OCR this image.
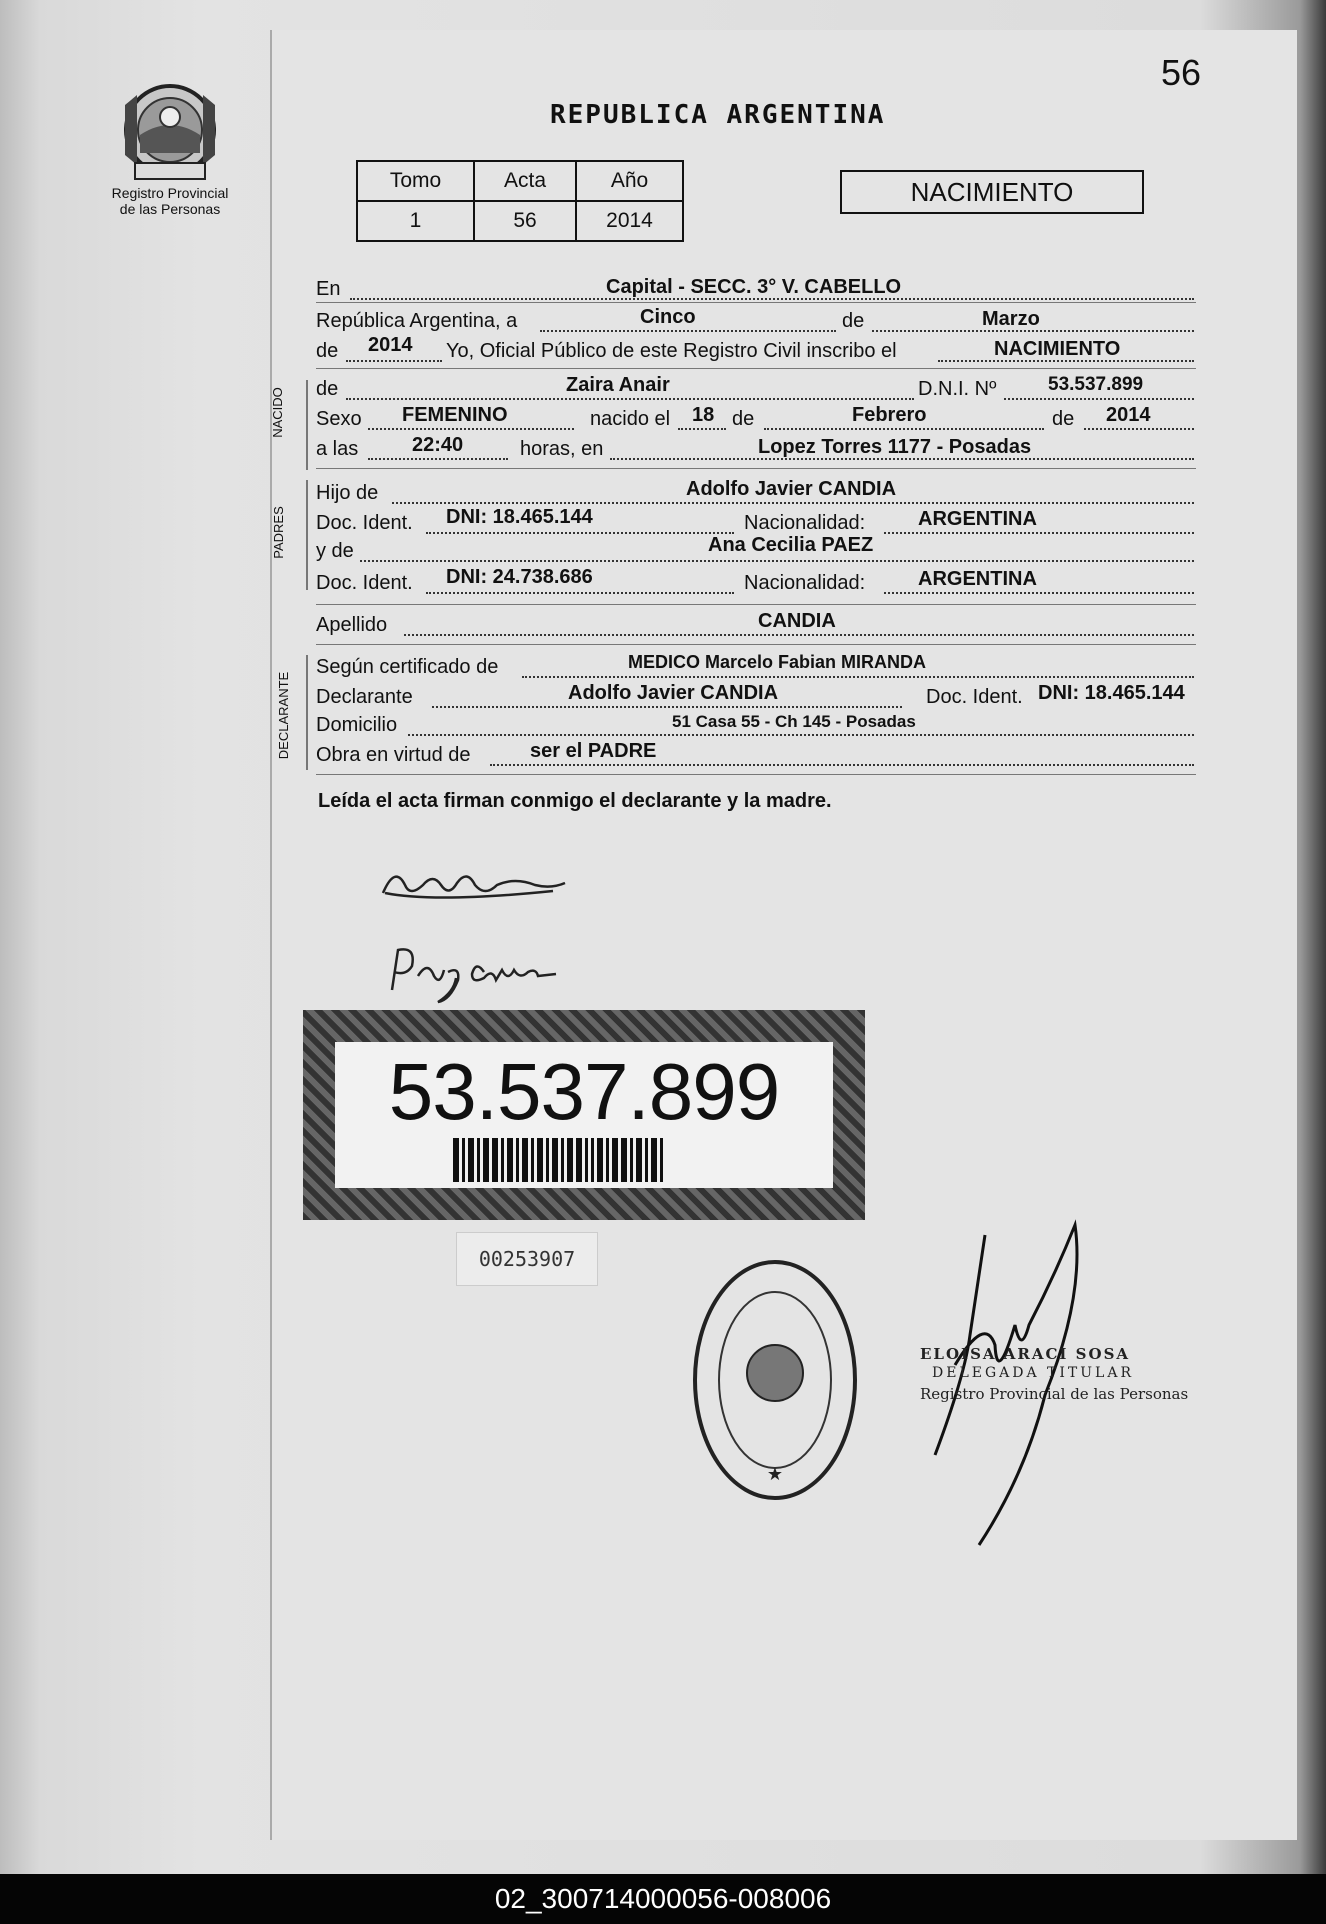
56
Registro Provincial
de las Personas
REPUBLICA ARGENTINA
Tomo	Acta	Año
1	56	2014
NACIMIENTO
NACIDO
PADRES
DECLARANTE
En	Capital - SECC. 3° V. CABELLO
República Argentina, a	Cinco	de	Marzo
de 2014 Yo, Oficial Público de este Registro Civil inscribo el	NACIMIENTO
de	Zaira Anair	D.N.I. Nº	53.537.899
Sexo FEMENINO	nacido el 18 de	Febrero	de 2014
a las	22:40	horas, en	Lopez Torres 1177 - Posadas
Hijo de	Adolfo Javier CANDIA
Doc. Ident. DNI: 18.465.144	Nacionalidad:	ARGENTINA
y de	Ana Cecilia PAEZ
Doc. Ident. DNI: 24.738.686	Nacionalidad:	ARGENTINA
Apellido	CANDIA
Según certificado de	MEDICO Marcelo Fabian MIRANDA
Declarante	Adolfo Javier CANDIA	Doc. Ident. DNI: 18.465.144
Domicilio	51 Casa 55 - Ch 145 - Posadas
Obra en virtud de	ser el PADRE
Leída el acta firman conmigo el declarante y la madre.
53.537.899
00253907
★
ELOISA ARACI SOSA
DELEGADA TITULAR
Registro Provincial de las Personas
02_300714000056-008006
